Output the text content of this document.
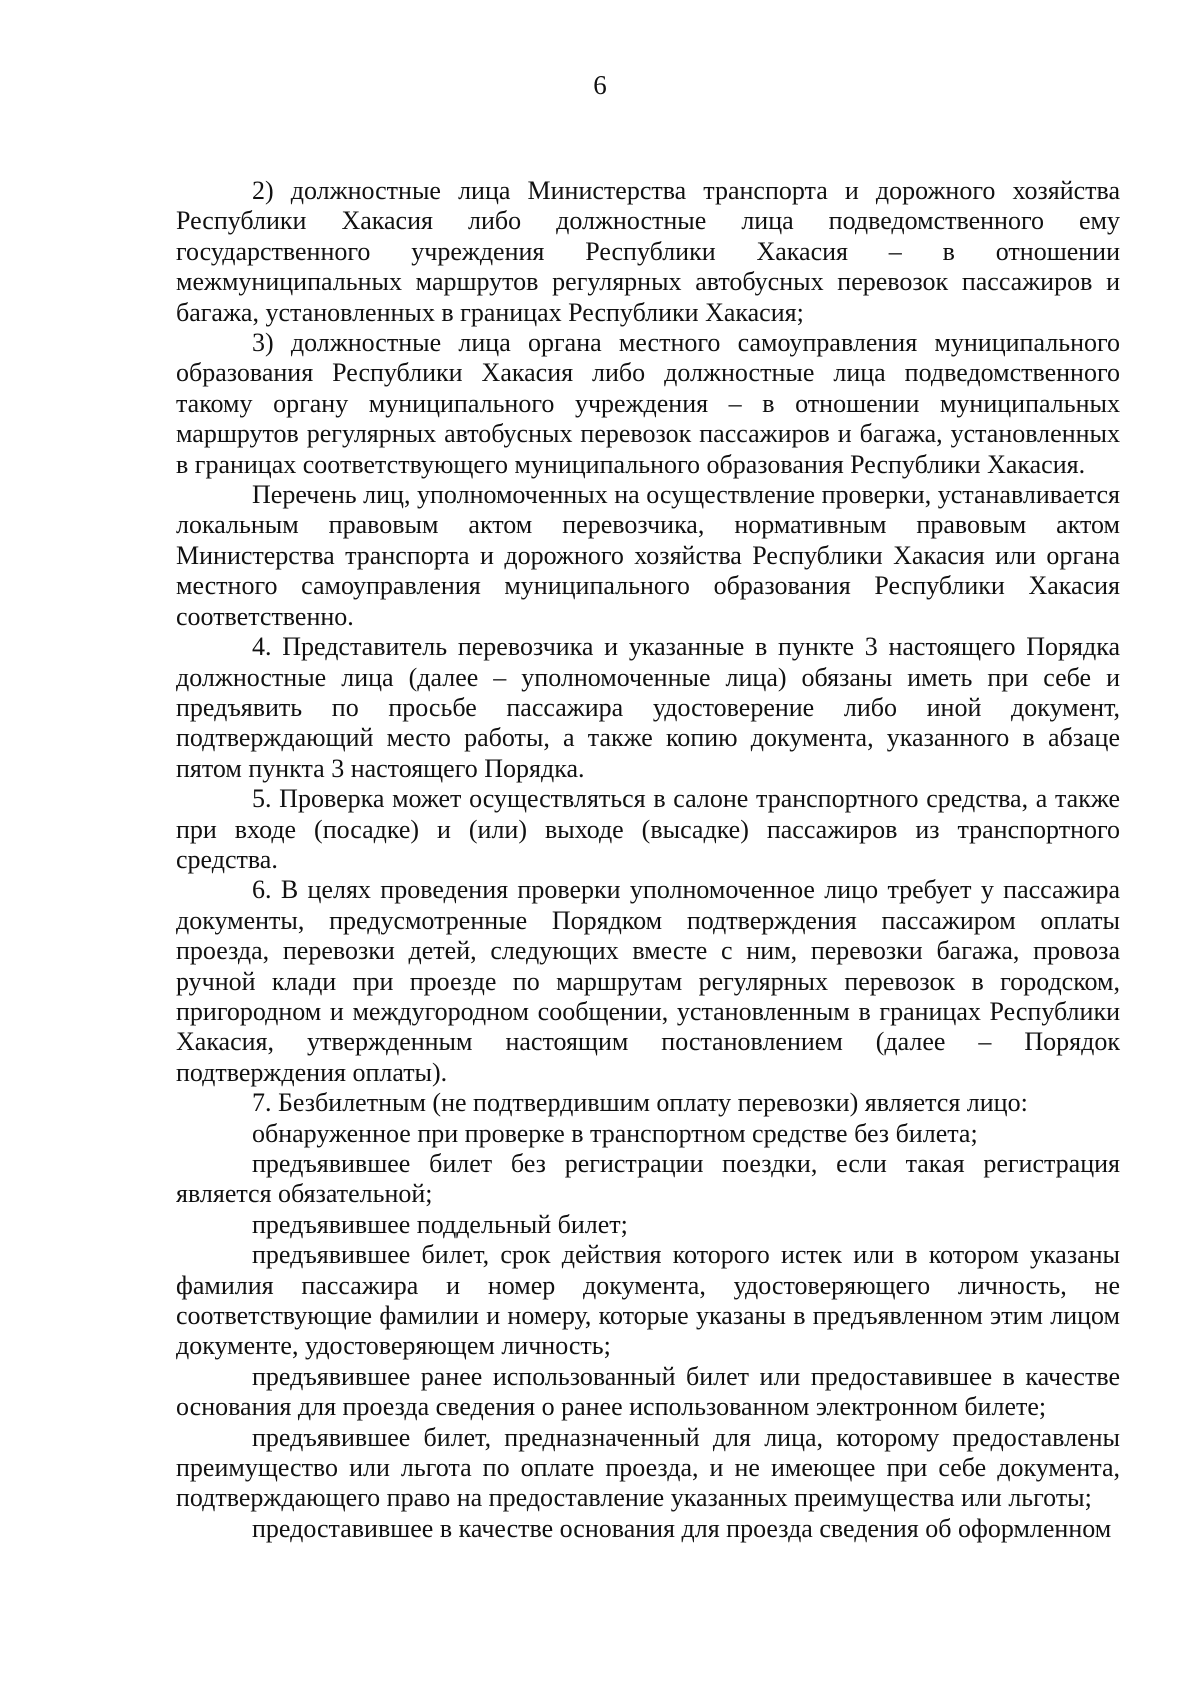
6

2) должностные лица Министерства транспорта и дорожного хозяйства Республики Хакасия либо должностные лица подведомственного ему государственного учреждения Республики Хакасия – в отношении межмуниципальных маршрутов регулярных автобусных перевозок пассажиров и багажа, установленных в границах Республики Хакасия;

3) должностные лица органа местного самоуправления муниципального образования Республики Хакасия либо должностные лица подведомственного такому органу муниципального учреждения – в отношении муниципальных маршрутов регулярных автобусных перевозок пассажиров и багажа, установленных в границах соответствующего муниципального образования Республики Хакасия.

Перечень лиц, уполномоченных на осуществление проверки, устанавливается локальным правовым актом перевозчика, нормативным правовым актом Министерства транспорта и дорожного хозяйства Республики Хакасия или органа местного самоуправления муниципального образования Республики Хакасия соответственно.

4. Представитель перевозчика и указанные в пункте 3 настоящего Порядка должностные лица (далее – уполномоченные лица) обязаны иметь при себе и предъявить по просьбе пассажира удостоверение либо иной документ, подтверждающий место работы, а также копию документа, указанного в абзаце пятом пункта 3 настоящего Порядка.

5. Проверка может осуществляться в салоне транспортного средства, а также при входе (посадке) и (или) выходе (высадке) пассажиров из транспортного средства.

6. В целях проведения проверки уполномоченное лицо требует у пассажира документы, предусмотренные Порядком подтверждения пассажиром оплаты проезда, перевозки детей, следующих вместе с ним, перевозки багажа, провоза ручной клади при проезде по маршрутам регулярных перевозок в городском, пригородном и междугородном сообщении, установленным в границах Республики Хакасия, утвержденным настоящим постановлением (далее – Порядок подтверждения оплаты).

7. Безбилетным (не подтвердившим оплату перевозки) является лицо:

обнаруженное при проверке в транспортном средстве без билета;

предъявившее билет без регистрации поездки, если такая регистрация является обязательной;

предъявившее поддельный билет;

предъявившее билет, срок действия которого истек или в котором указаны фамилия пассажира и номер документа, удостоверяющего личность, не соответствующие фамилии и номеру, которые указаны в предъявленном этим лицом документе, удостоверяющем личность;

предъявившее ранее использованный билет или предоставившее в качестве основания для проезда сведения о ранее использованном электронном билете;

предъявившее билет, предназначенный для лица, которому предоставлены преимущество или льгота по оплате проезда, и не имеющее при себе документа, подтверждающего право на предоставление указанных преимущества или льготы;

предоставившее в качестве основания для проезда сведения об оформленном
